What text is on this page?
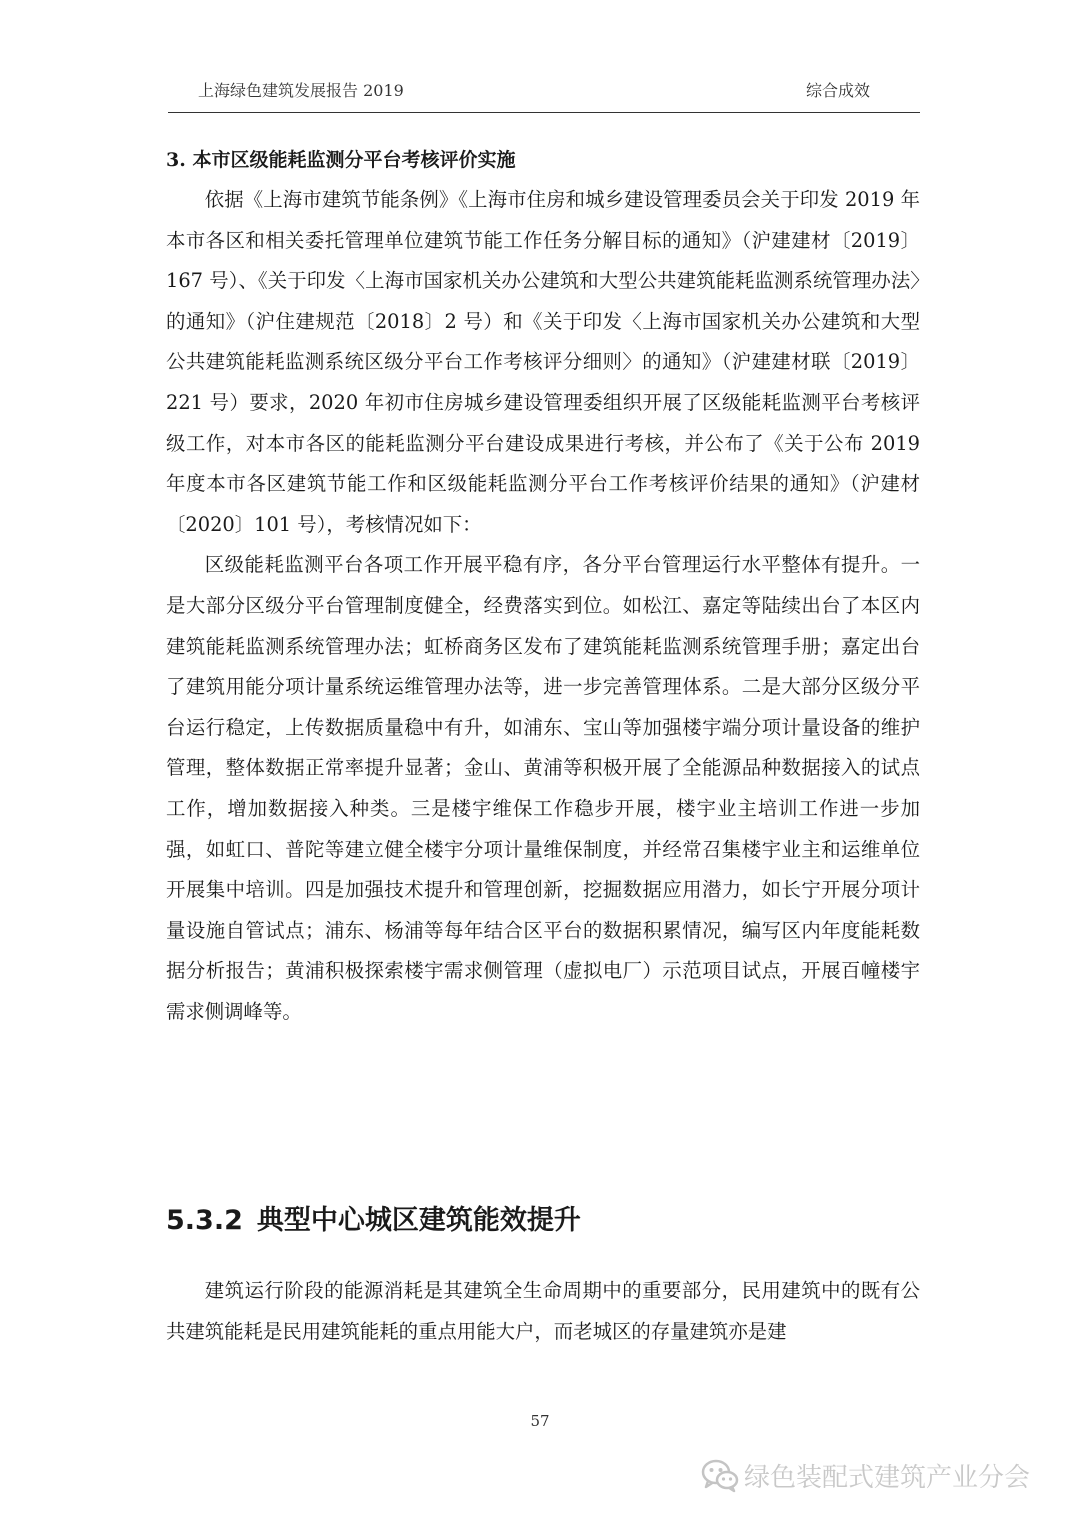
上海绿色建筑发展报告 2019	综合成效
3. 本市区级能耗监测分平台考核评价实施

依据《上海市建筑节能条例》《上海市住房和城乡建设管理委员会关于印发 2019 年本市各区和相关委托管理单位建筑节能工作任务分解目标的通知》（沪建建材〔2019〕167 号）、《关于印发〈上海市国家机关办公建筑和大型公共建筑能耗监测系统管理办法〉的通知》（沪住建规范〔2018〕2 号）和《关于印发〈上海市国家机关办公建筑和大型公共建筑能耗监测系统区级分平台工作考核评分细则〉的通知》（沪建建材联〔2019〕221 号）要求，2020 年初市住房城乡建设管理委组织开展了区级能耗监测平台考核评级工作，对本市各区的能耗监测分平台建设成果进行考核，并公布了《关于公布 2019 年度本市各区建筑节能工作和区级能耗监测分平台工作考核评价结果的通知》（沪建材〔2020〕101 号），考核情况如下：

区级能耗监测平台各项工作开展平稳有序，各分平台管理运行水平整体有提升。一是大部分区级分平台管理制度健全，经费落实到位。如松江、嘉定等陆续出台了本区内建筑能耗监测系统管理办法；虹桥商务区发布了建筑能耗监测系统管理手册；嘉定出台了建筑用能分项计量系统运维管理办法等，进一步完善管理体系。二是大部分区级分平台运行稳定，上传数据质量稳中有升，如浦东、宝山等加强楼宇端分项计量设备的维护管理，整体数据正常率提升显著；金山、黄浦等积极开展了全能源品种数据接入的试点工作，增加数据接入种类。三是楼宇维保工作稳步开展，楼宇业主培训工作进一步加强，如虹口、普陀等建立健全楼宇分项计量维保制度，并经常召集楼宇业主和运维单位开展集中培训。四是加强技术提升和管理创新，挖掘数据应用潜力，如长宁开展分项计量设施自管试点；浦东、杨浦等每年结合区平台的数据积累情况，编写区内年度能耗数据分析报告；黄浦积极探索楼宇需求侧管理（虚拟电厂）示范项目试点，开展百幢楼宇需求侧调峰等。

5.3.2 典型中心城区建筑能效提升

建筑运行阶段的能源消耗是其建筑全生命周期中的重要部分，民用建筑中的既有公共建筑能耗是民用建筑能耗的重点用能大户，而老城区的存量建筑亦是建

57
绿色装配式建筑产业分会
